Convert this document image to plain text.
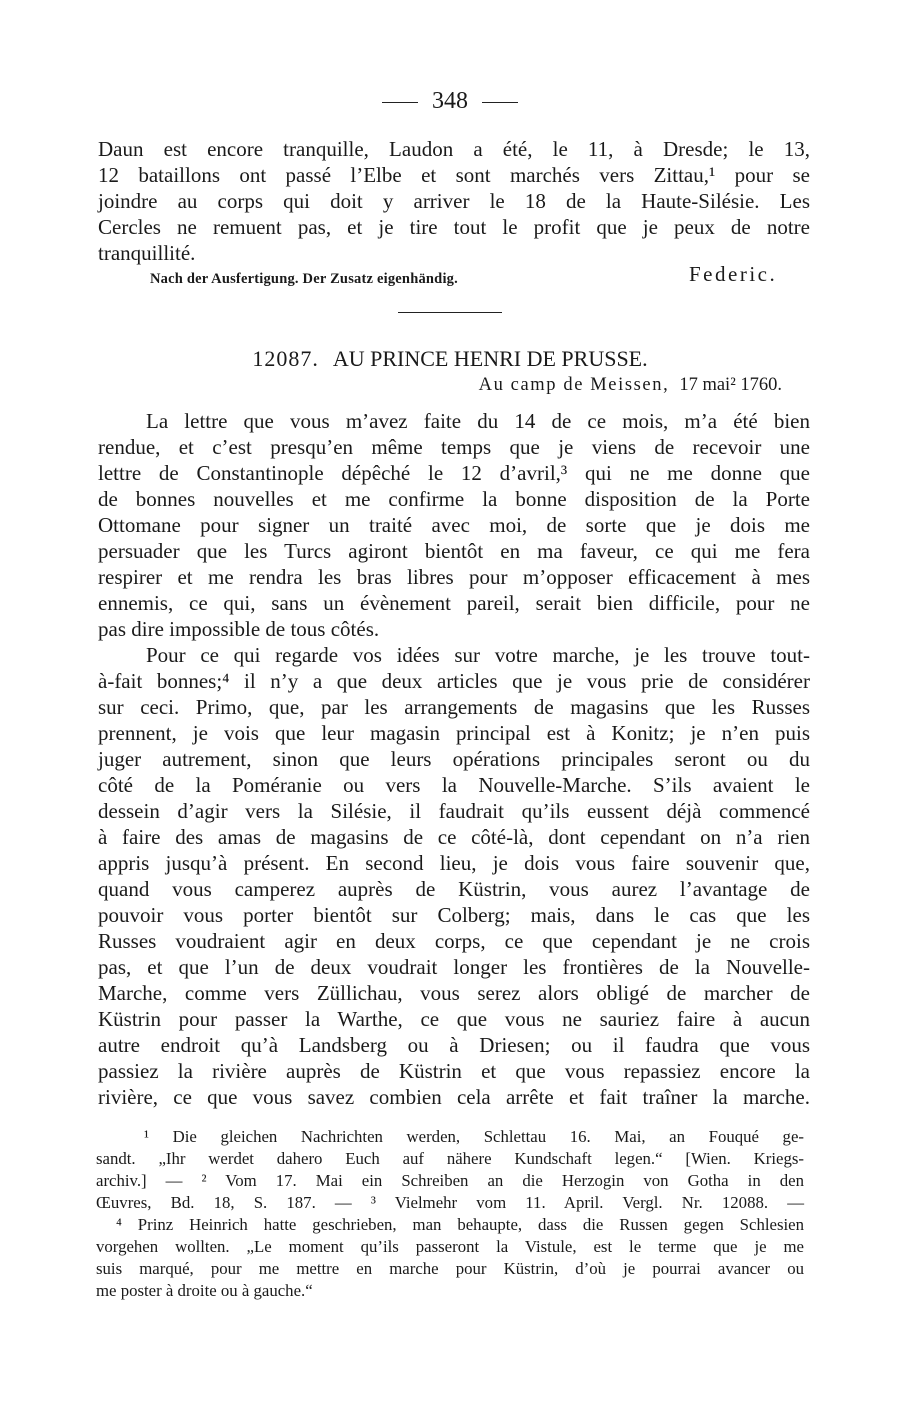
348
Daun est encore tranquille, Laudon a été, le 11, à Dresde; le 13,
12 bataillons ont passé l’Elbe et sont marchés vers Zittau,¹ pour se
joindre au corps qui doit y arriver le 18 de la Haute-Silésie. Les
Cercles ne remuent pas, et je tire tout le profit que je peux de notre
tranquillité.
Nach der Ausfertigung. Der Zusatz eigenhändig.	Federic.
12087. AU PRINCE HENRI DE PRUSSE.
Au camp de Meissen, 17 mai² 1760.
La lettre que vous m’avez faite du 14 de ce mois, m’a été bien
rendue, et c’est presqu’en même temps que je viens de recevoir une
lettre de Constantinople dépêché le 12 d’avril,³ qui ne me donne que
de bonnes nouvelles et me confirme la bonne disposition de la Porte
Ottomane pour signer un traité avec moi, de sorte que je dois me
persuader que les Turcs agiront bientôt en ma faveur, ce qui me fera
respirer et me rendra les bras libres pour m’opposer efficacement à mes
ennemis, ce qui, sans un évènement pareil, serait bien difficile, pour ne
pas dire impossible de tous côtés.
Pour ce qui regarde vos idées sur votre marche, je les trouve tout-
à-fait bonnes;⁴ il n’y a que deux articles que je vous prie de considérer
sur ceci. Primo, que, par les arrangements de magasins que les Russes
prennent, je vois que leur magasin principal est à Konitz; je n’en puis
juger autrement, sinon que leurs opérations principales seront ou du
côté de la Poméranie ou vers la Nouvelle-Marche. S’ils avaient le
dessein d’agir vers la Silésie, il faudrait qu’ils eussent déjà commencé
à faire des amas de magasins de ce côté-là, dont cependant on n’a rien
appris jusqu’à présent. En second lieu, je dois vous faire souvenir que,
quand vous camperez auprès de Küstrin, vous aurez l’avantage de
pouvoir vous porter bientôt sur Colberg; mais, dans le cas que les
Russes voudraient agir en deux corps, ce que cependant je ne crois
pas, et que l’un de deux voudrait longer les frontières de la Nouvelle-
Marche, comme vers Züllichau, vous serez alors obligé de marcher de
Küstrin pour passer la Warthe, ce que vous ne sauriez faire à aucun
autre endroit qu’à Landsberg ou à Driesen; ou il faudra que vous
passiez la rivière auprès de Küstrin et que vous repassiez encore la
rivière, ce que vous savez combien cela arrête et fait traîner la marche.
¹ Die gleichen Nachrichten werden, Schlettau 16. Mai, an Fouqué ge-
sandt. „Ihr werdet dahero Euch auf nähere Kundschaft legen.“ [Wien. Kriegs-
archiv.] — ² Vom 17. Mai ein Schreiben an die Herzogin von Gotha in den
Œuvres, Bd. 18, S. 187. — ³ Vielmehr vom 11. April. Vergl. Nr. 12088. —
⁴ Prinz Heinrich hatte geschrieben, man behaupte, dass die Russen gegen Schlesien
vorgehen wollten. „Le moment qu’ils passeront la Vistule, est le terme que je me
suis marqué, pour me mettre en marche pour Küstrin, d’où je pourrai avancer ou
me poster à droite ou à gauche.“
